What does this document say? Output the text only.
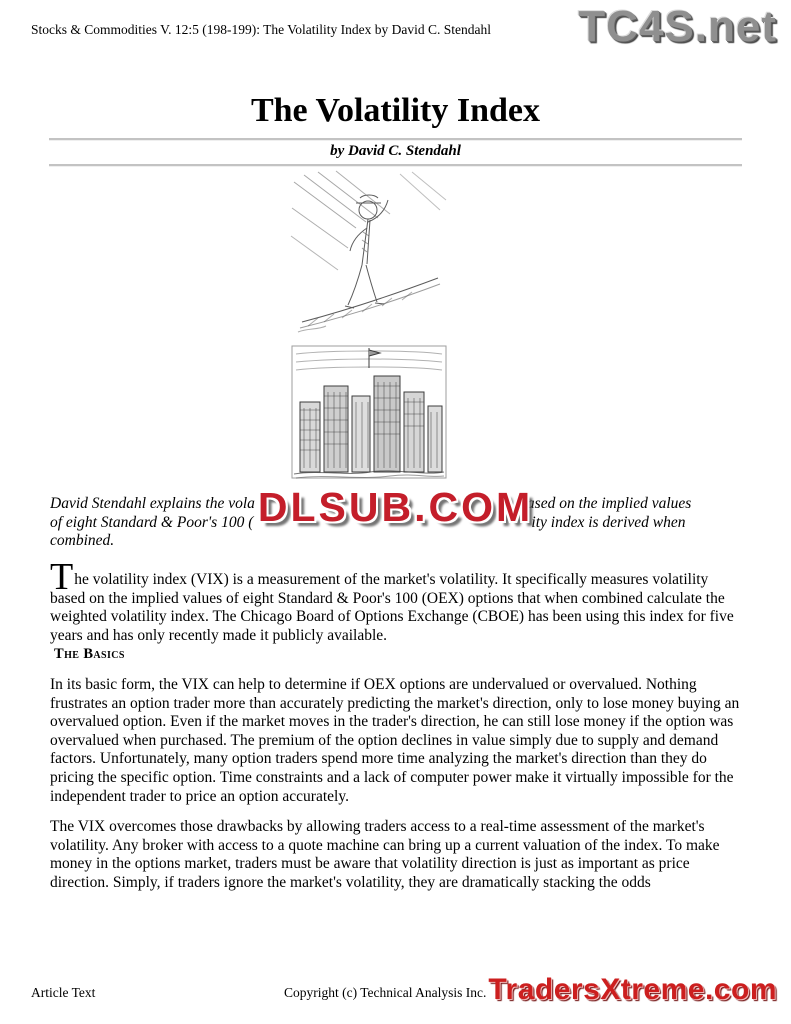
Stocks & Commodities V. 12:5 (198-199): The Volatility Index by David C. Stendahl TC4S.net
The Volatility Index
by David C. Stendahl
David Stendahl explains the vola	ased on the implied values
of eight Standard & Poor's 100 (	ity index is derived when
combined.
DLSUB.COM

The volatility index (VIX) is a measurement of the market's volatility. It specifically measures volatility based on the implied values of eight Standard & Poor's 100 (OEX) options that when combined calculate the weighted volatility index. The Chicago Board of Options Exchange (CBOE) has been using this index for five years and has only recently made it publicly available.

The Basics

In its basic form, the VIX can help to determine if OEX options are undervalued or overvalued. Nothing frustrates an option trader more than accurately predicting the market's direction, only to lose money buying an overvalued option. Even if the market moves in the trader's direction, he can still lose money if the option was overvalued when purchased. The premium of the option declines in value simply due to supply and demand factors. Unfortunately, many option traders spend more time analyzing the market's direction than they do pricing the specific option. Time constraints and a lack of computer power make it virtually impossible for the independent trader to price an option accurately.

The VIX overcomes those drawbacks by allowing traders access to a real-time assessment of the market's volatility. Any broker with access to a quote machine can bring up a current valuation of the index. To make money in the options market, traders must be aware that volatility direction is just as important as price direction. Simply, if traders ignore the market's volatility, they are dramatically stacking the odds

Article Text	Copyright (c) Technical Analysis Inc. TradersXtreme.com
